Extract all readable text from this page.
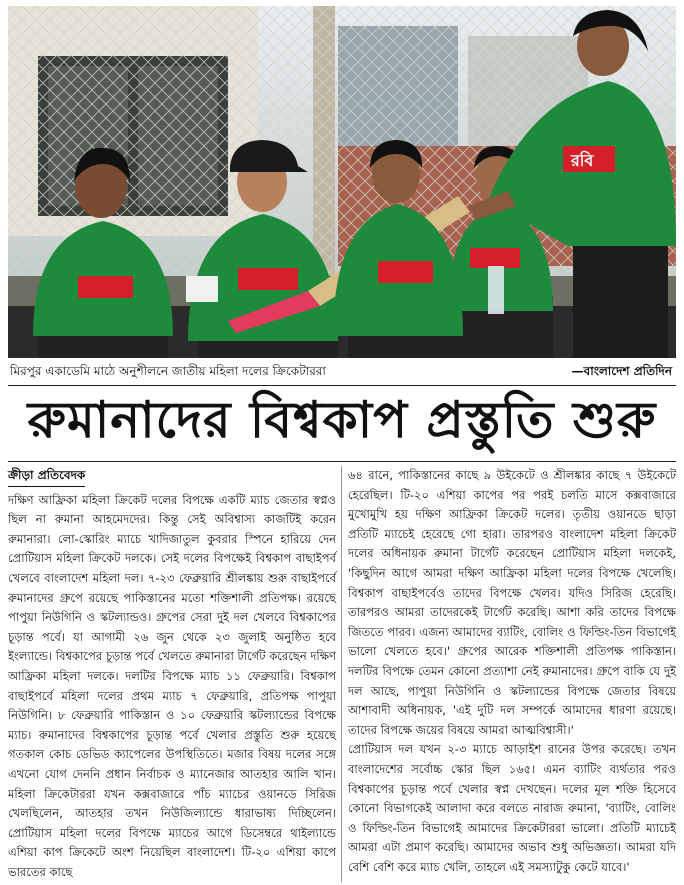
রবি
মিরপুর একাডেমি মাঠে অনুশীলনে জাতীয় মহিলা দলের ক্রিকেটাররা	—বাংলাদেশ প্রতিদিন
রুমানাদের বিশ্বকাপ প্রস্তুতি শুরু
ক্রীড়া প্রতিবেদক

দক্ষিণ আফ্রিকা মহিলা ক্রিকেট দলের বিপক্ষে একটি ম্যাচ জেতার স্বপ্নও ছিল না রুমানা আহমেদদের। কিন্তু সেই অবিশ্বাস্য কাজটিই করেন রুমানারা। লো-স্কোরিং ম্যাচে খাদিজাতুল কুবরার স্পিনে হারিয়ে দেন প্রোটিয়াস মহিলা ক্রিকেট দলকে। সেই দলের বিপক্ষেই বিশ্বকাপ বাছাইপর্ব খেলবে বাংলাদেশ মহিলা দল। ৭-২৩ ফেব্রুয়ারি শ্রীলঙ্কায় শুরু বাছাইপর্বে রুমানাদের গ্রুপে রয়েছে পাকিস্তানের মতো শক্তিশালী প্রতিপক্ষ। রয়েছে পাপুয়া নিউগিনি ও স্কটল্যান্ডও। গ্রুপের সেরা দুই দল খেলবে বিশ্বকাপের চূড়ান্ত পর্বে। যা আগামী ২৬ জুন থেকে ২৩ জুলাই অনুষ্ঠিত হবে ইংল্যান্ডে। বিশ্বকাপের চূড়ান্ত পর্বে খেলতে রুমানারা টার্গেট করেছেন দক্ষিণ আফ্রিকা মহিলা দলকে। দলটির বিপক্ষে ম্যাচ ১১ ফেব্রুয়ারি। বিশ্বকাপ বাছাইপর্বে মহিলা দলের প্রথম ম্যাচ ৭ ফেব্রুয়ারি, প্রতিপক্ষ পাপুয়া নিউগিনি। ৮ ফেব্রুয়ারি পাকিস্তান ও ১০ ফেব্রুয়ারি স্কটল্যান্ডের বিপক্ষে ম্যাচ। রুমানাদের বিশ্বকাপের চূড়ান্ত পর্বে খেলার প্রস্তুতি শুরু হয়েছে গতকাল কোচ ডেভিড ক্যাপেলের উপস্থিতিতে। মজার বিষয় দলের সঙ্গে এখনো যোগ দেননি প্রধান নির্বাচক ও ম্যানেজার আতহার আলি খান। মহিলা ক্রিকেটাররা যখন কক্সবাজারে পাঁচ ম্যাচের ওয়ানডে সিরিজ খেলছিলেন, আতহার তখন নিউজিল্যান্ডে ধারাভাষ্য দিচ্ছিলেন। প্রোটিয়াস মহিলা দলের বিপক্ষে ম্যাচের আগে ডিসেম্বরে থাইল্যান্ডে এশিয়া কাপ ক্রিকেটে অংশ নিয়েছিল বাংলাদেশ। টি-২০ এশিয়া কাপে ভারতের কাছে

৬৪ রানে, পাকিস্তানের কাছে ৯ উইকেটে ও শ্রীলঙ্কার কাছে ৭ উইকেটে হেরেছিল। টি-২০ এশিয়া কাপের পর পরই চলতি মাসে কক্সবাজারে মুখোমুখি হয় দক্ষিণ আফ্রিকা ক্রিকেট দলের। তৃতীয় ওয়ানডে ছাড়া প্রতিটি ম্যাচেই হেরেছে গো হারা। তারপরও বাংলাদেশ মহিলা ক্রিকেট দলের অধিনায়ক রুমানা টার্গেট করেছেন প্রোটিয়াস মহিলা দলকেই, 'কিছুদিন আগে আমরা দক্ষিণ আফ্রিকা মহিলা দলের বিপক্ষে খেলেছি। বিশ্বকাপ বাছাইপর্বেও তাদের বিপক্ষে খেলব। যদিও সিরিজ হেরেছি। তারপরও আমরা তাদেরকেই টার্গেট করেছি। আশা করি তাদের বিপক্ষে জিততে পারব। এজন্য আমাদের ব্যাটিং, বোলিং ও ফিল্ডিং-তিন বিভাগেই ভালো খেলতে হবে।' গ্রুপের আরেক শক্তিশালী প্রতিপক্ষ পাকিস্তান। দলটির বিপক্ষে তেমন কোনো প্রত্যাশা নেই রুমানাদের। গ্রুপে বাকি যে দুই দল আছে, পাপুয়া নিউগিনি ও স্কটল্যান্ডের বিপক্ষে জেতার বিষয়ে আশাবাদী অধিনায়ক, 'এই দুটি দল সম্পর্কে আমাদের ধারণা রয়েছে। তাদের বিপক্ষে জয়ের বিষয়ে আমরা আত্মবিশ্বাসী।'

প্রোটিয়াস দল যখন ২-৩ ম্যাচে আড়াইশ রানের উপর করেছে। তখন বাংলাদেশের সর্বোচ্চ স্কোর ছিল ১৬৫। এমন ব্যাটিং ব্যর্থতার পরও বিশ্বকাপের চূড়ান্ত পর্বে খেলার স্বপ্ন দেখছেন। দলের মূল শক্তি হিসেবে কোনো বিভাগকেই আলাদা করে বলতে নারাজ রুমানা, 'ব্যাটিং, বোলিং ও ফিল্ডিং-তিন বিভাগেই আমাদের ক্রিকেটাররা ভালো। প্রতিটি ম্যাচেই আমরা এটা প্রমাণ করেছি। আমাদের অভাব শুধু অভিজ্ঞতা। আমরা যদি বেশি বেশি করে ম্যাচ খেলি, তাহলে এই সমস্যাটুকু কেটে যাবে।'
